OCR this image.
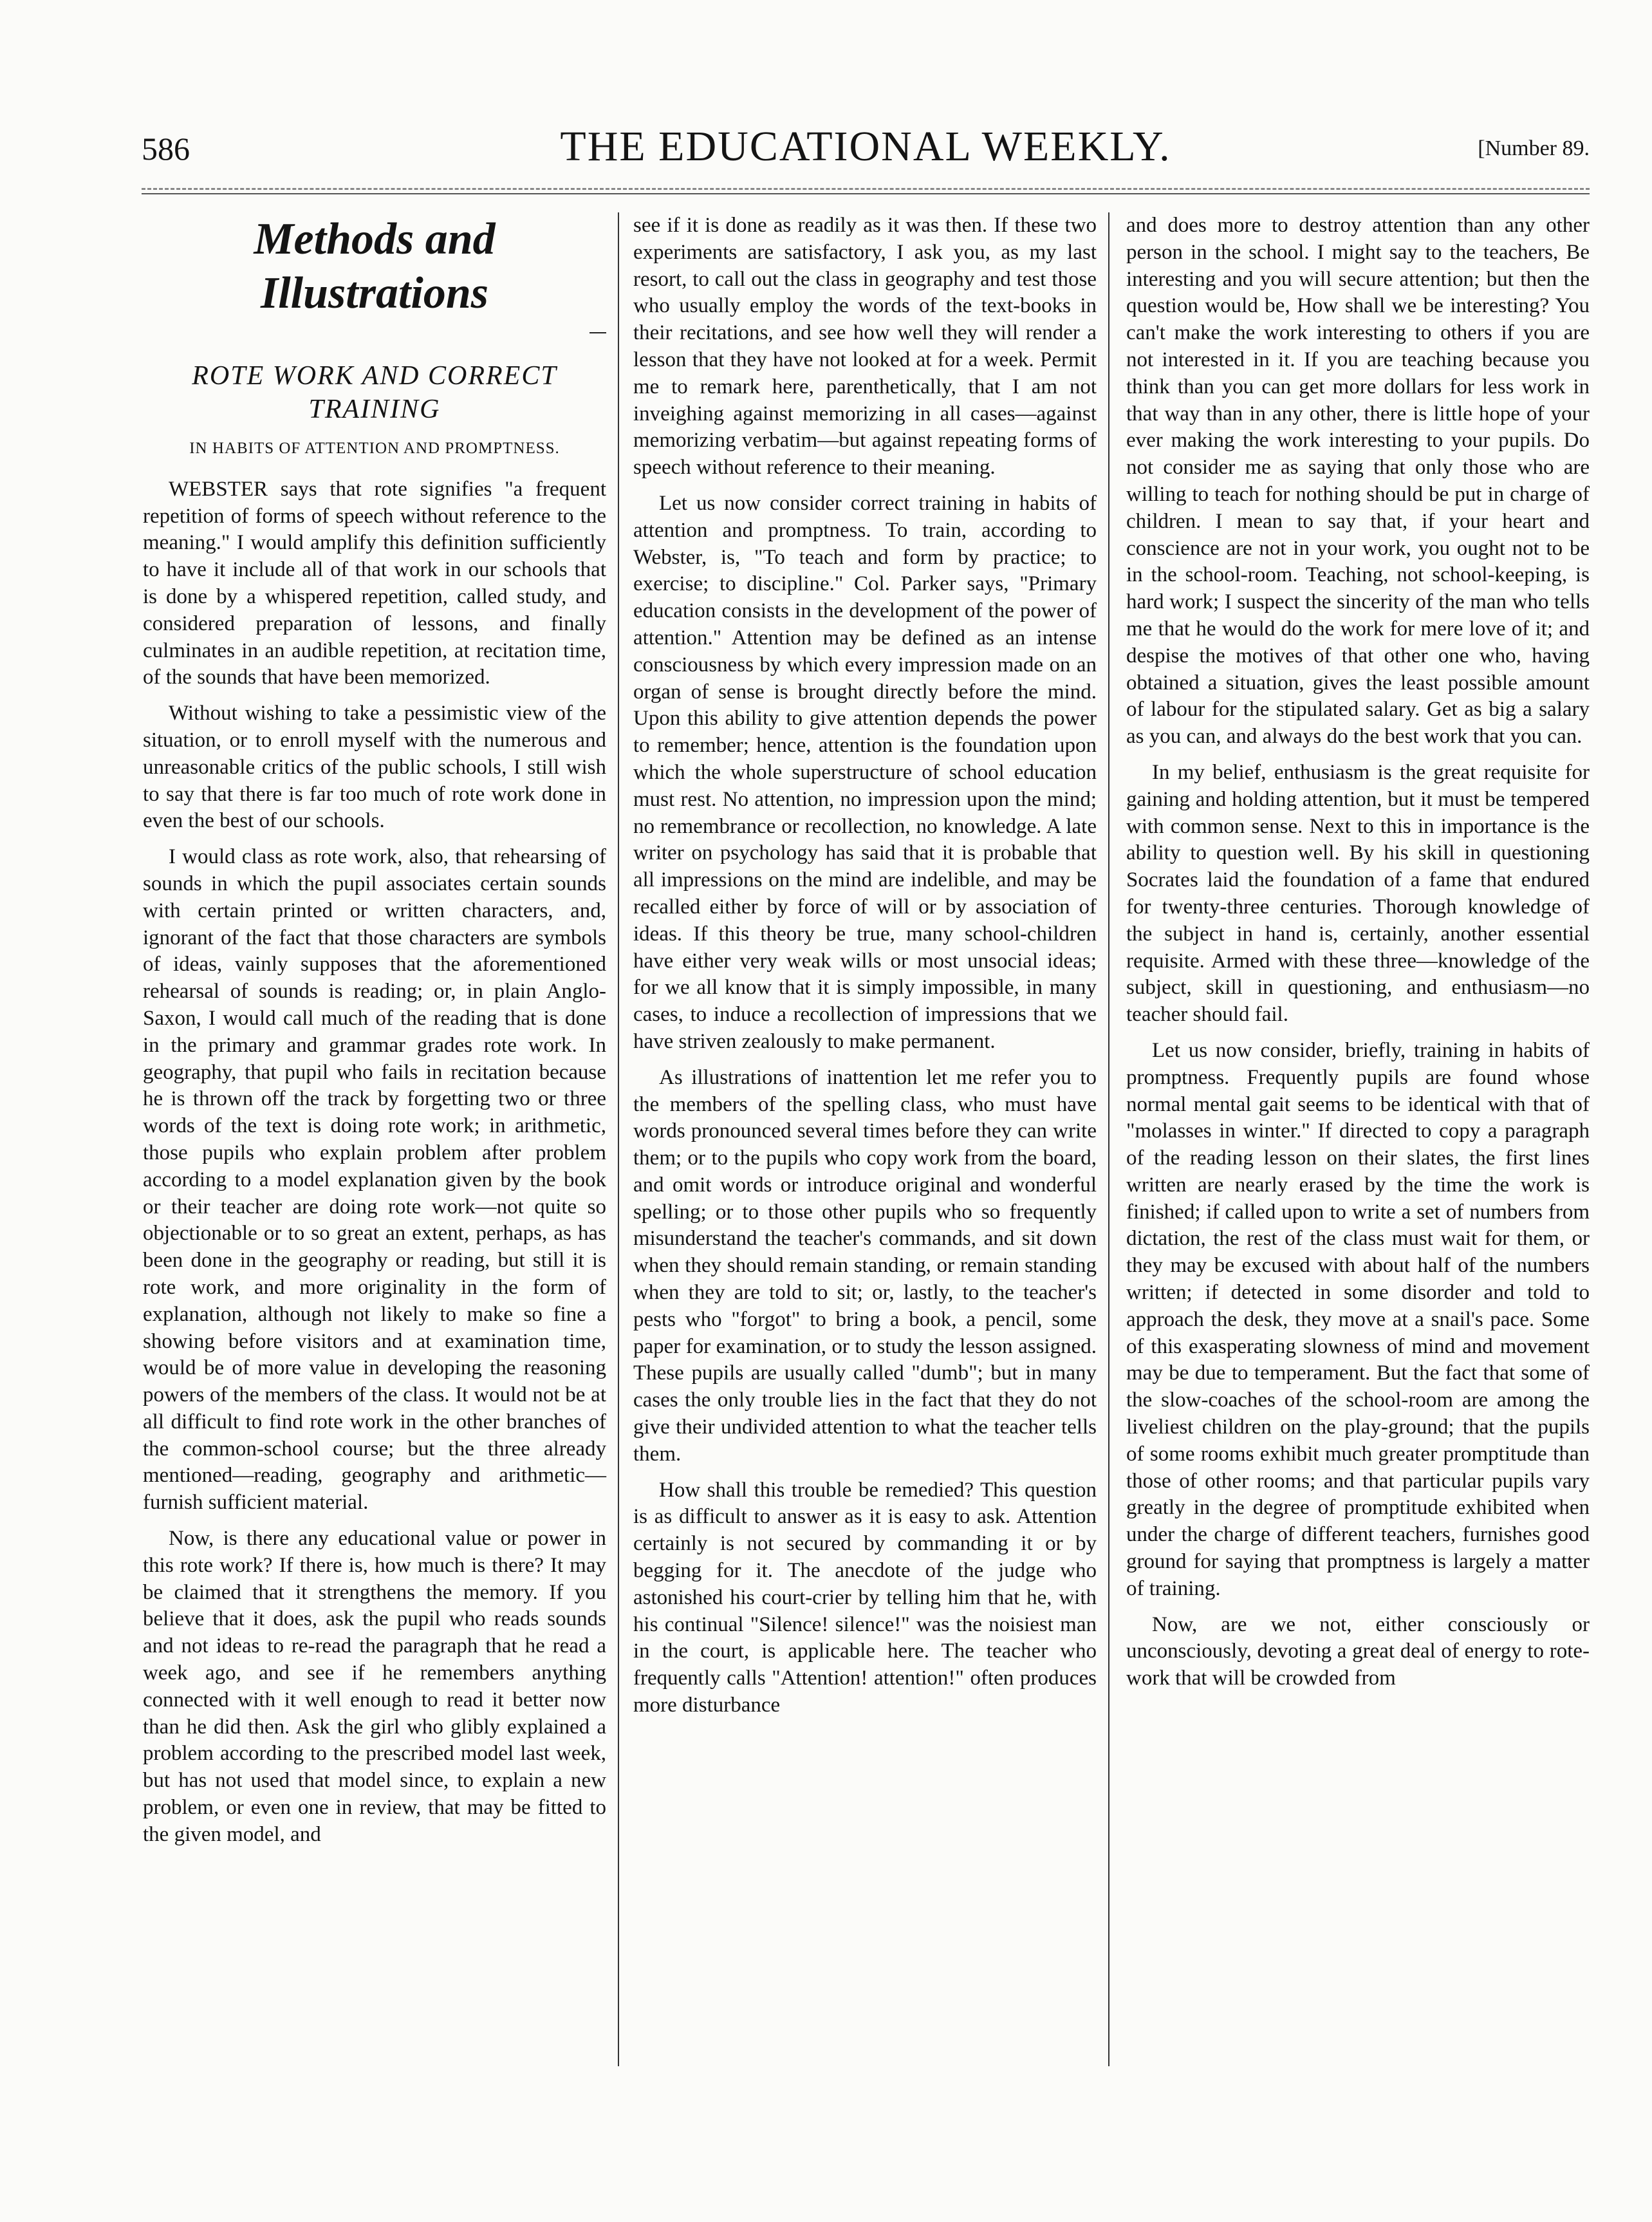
586	THE EDUCATIONAL WEEKLY.	[Number 89.
Methods and Illustrations
ROTE WORK AND CORRECT TRAINING
IN HABITS OF ATTENTION AND PROMPTNESS.

WEBSTER says that rote signifies "a frequent repetition of forms of speech without reference to the meaning." I would amplify this definition sufficiently to have it include all of that work in our schools that is done by a whispered repetition, called study, and considered preparation of lessons, and finally culminates in an audible repetition, at recitation time, of the sounds that have been memorized.

Without wishing to take a pessimistic view of the situation, or to enroll myself with the numerous and unreasonable critics of the public schools, I still wish to say that there is far too much of rote work done in even the best of our schools.

I would class as rote work, also, that rehearsing of sounds in which the pupil associates certain sounds with certain printed or written characters, and, ignorant of the fact that those characters are symbols of ideas, vainly supposes that the aforementioned rehearsal of sounds is reading; or, in plain Anglo-Saxon, I would call much of the reading that is done in the primary and grammar grades rote work. In geography, that pupil who fails in recitation because he is thrown off the track by forgetting two or three words of the text is doing rote work; in arithmetic, those pupils who explain problem after problem according to a model explanation given by the book or their teacher are doing rote work—not quite so objectionable or to so great an extent, perhaps, as has been done in the geography or reading, but still it is rote work, and more originality in the form of explanation, although not likely to make so fine a showing before visitors and at examination time, would be of more value in developing the reasoning powers of the members of the class. It would not be at all difficult to find rote work in the other branches of the common-school course; but the three already mentioned—reading, geography and arithmetic—furnish sufficient material.

Now, is there any educational value or power in this rote work? If there is, how much is there? It may be claimed that it strengthens the memory. If you believe that it does, ask the pupil who reads sounds and not ideas to re-read the paragraph that he read a week ago, and see if he remembers anything connected with it well enough to read it better now than he did then. Ask the girl who glibly explained a problem according to the prescribed model last week, but has not used that model since, to explain a new problem, or even one in review, that may be fitted to the given model, and

see if it is done as readily as it was then. If these two experiments are satisfactory, I ask you, as my last resort, to call out the class in geography and test those who usually employ the words of the text-books in their recitations, and see how well they will render a lesson that they have not looked at for a week. Permit me to remark here, parenthetically, that I am not inveighing against memorizing in all cases—against memorizing verbatim—but against repeating forms of speech without reference to their meaning.

Let us now consider correct training in habits of attention and promptness. To train, according to Webster, is, "To teach and form by practice; to exercise; to discipline." Col. Parker says, "Primary education consists in the development of the power of attention." Attention may be defined as an intense consciousness by which every impression made on an organ of sense is brought directly before the mind. Upon this ability to give attention depends the power to remember; hence, attention is the foundation upon which the whole superstructure of school education must rest. No attention, no impression upon the mind; no remembrance or recollection, no knowledge. A late writer on psychology has said that it is probable that all impressions on the mind are indelible, and may be recalled either by force of will or by association of ideas. If this theory be true, many school-children have either very weak wills or most unsocial ideas; for we all know that it is simply impossible, in many cases, to induce a recollection of impressions that we have striven zealously to make permanent.

As illustrations of inattention let me refer you to the members of the spelling class, who must have words pronounced several times before they can write them; or to the pupils who copy work from the board, and omit words or introduce original and wonderful spelling; or to those other pupils who so frequently misunderstand the teacher's commands, and sit down when they should remain standing, or remain standing when they are told to sit; or, lastly, to the teacher's pests who "forgot" to bring a book, a pencil, some paper for examination, or to study the lesson assigned. These pupils are usually called "dumb"; but in many cases the only trouble lies in the fact that they do not give their undivided attention to what the teacher tells them.

How shall this trouble be remedied? This question is as difficult to answer as it is easy to ask. Attention certainly is not secured by commanding it or by begging for it. The anecdote of the judge who astonished his court-crier by telling him that he, with his continual "Silence! silence!" was the noisiest man in the court, is applicable here. The teacher who frequently calls "Attention! attention!" often produces more disturbance

and does more to destroy attention than any other person in the school. I might say to the teachers, Be interesting and you will secure attention; but then the question would be, How shall we be interesting? You can't make the work interesting to others if you are not interested in it. If you are teaching because you think than you can get more dollars for less work in that way than in any other, there is little hope of your ever making the work interesting to your pupils. Do not consider me as saying that only those who are willing to teach for nothing should be put in charge of children. I mean to say that, if your heart and conscience are not in your work, you ought not to be in the school-room. Teaching, not school-keeping, is hard work; I suspect the sincerity of the man who tells me that he would do the work for mere love of it; and despise the motives of that other one who, having obtained a situation, gives the least possible amount of labour for the stipulated salary. Get as big a salary as you can, and always do the best work that you can.

In my belief, enthusiasm is the great requisite for gaining and holding attention, but it must be tempered with common sense. Next to this in importance is the ability to question well. By his skill in questioning Socrates laid the foundation of a fame that endured for twenty-three centuries. Thorough knowledge of the subject in hand is, certainly, another essential requisite. Armed with these three—knowledge of the subject, skill in questioning, and enthusiasm—no teacher should fail.

Let us now consider, briefly, training in habits of promptness. Frequently pupils are found whose normal mental gait seems to be identical with that of "molasses in winter." If directed to copy a paragraph of the reading lesson on their slates, the first lines written are nearly erased by the time the work is finished; if called upon to write a set of numbers from dictation, the rest of the class must wait for them, or they may be excused with about half of the numbers written; if detected in some disorder and told to approach the desk, they move at a snail's pace. Some of this exasperating slowness of mind and movement may be due to temperament. But the fact that some of the slow-coaches of the school-room are among the liveliest children on the play-ground; that the pupils of some rooms exhibit much greater promptitude than those of other rooms; and that particular pupils vary greatly in the degree of promptitude exhibited when under the charge of different teachers, furnishes good ground for saying that promptness is largely a matter of training.

Now, are we not, either consciously or unconsciously, devoting a great deal of energy to rote-work that will be crowded from
